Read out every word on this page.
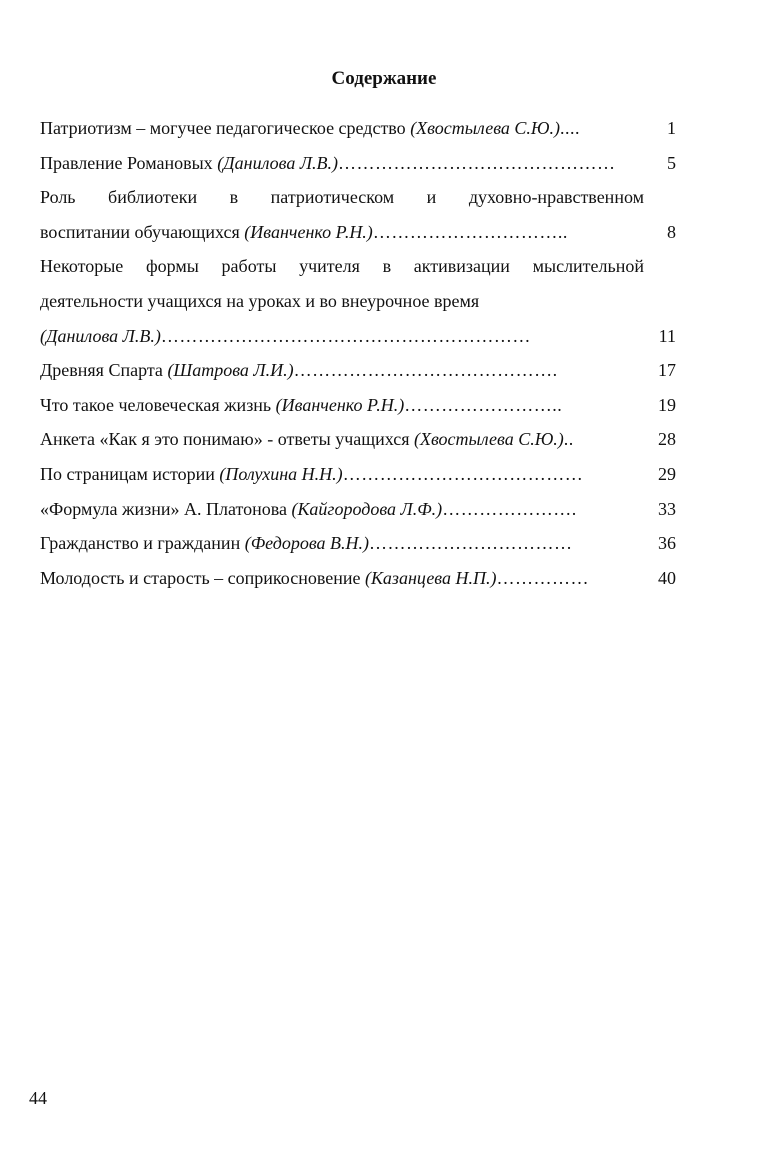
Содержание
Патриотизм – могучее педагогическое средство (Хвостылева С.Ю.)....	1
Правление Романовых (Данилова Л.В.)………………………………………	5
Роль библиотеки в патриотическом и духовно-нравственном
воспитании обучающихся (Иванченко Р.Н.)…………………………..	8
Некоторые формы работы учителя в активизации мыслительной
деятельности учащихся на уроках и во внеурочное время
(Данилова Л.В.)……………………………………………………	11
Древняя Спарта (Шатрова Л.И.)…………………………………….	17
Что такое человеческая жизнь (Иванченко Р.Н.)……………………..	19
Анкета «Как я это понимаю» - ответы учащихся (Хвостылева С.Ю.)..	28
По страницам истории (Полухина Н.Н.)…………………………………	29
«Формула жизни» А. Платонова (Кайгородова Л.Ф.)………………….	33
Гражданство и гражданин (Федорова В.Н.)……………………………	36
Молодость и старость – соприкосновение (Казанцева Н.П.)……………	40
44
